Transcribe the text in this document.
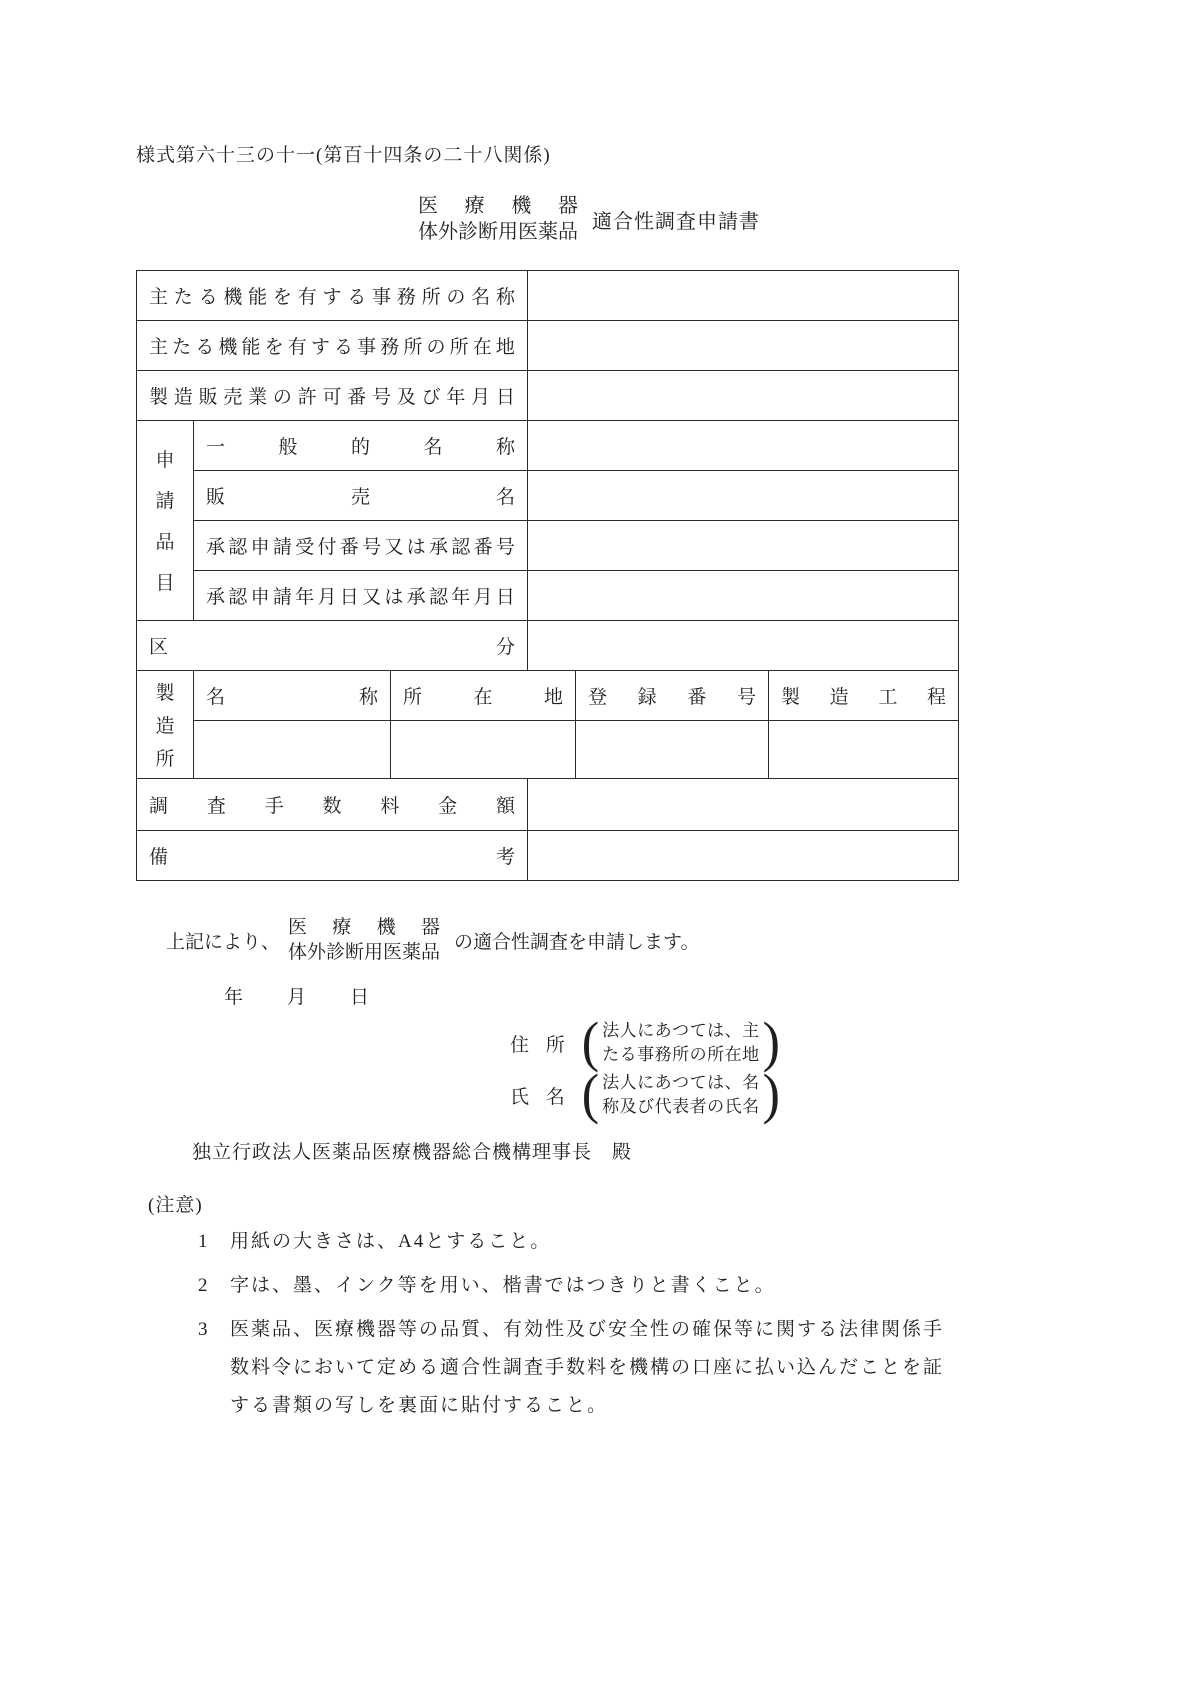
様式第六十三の十一(第百十四条の二十八関係)
医 療 機 器
体外診断用医薬品 適合性調査申請書
主 た る 機 能 を 有 す る 事 務 所 の 名 称

主 た る 機 能 を 有 す る 事 務 所 の 所 在 地

製 造 販 売 業 の 許 可 番 号 及 び 年 月 日

申
請
品
目	一 般 的 名 称				

	販 売 名				

承 認 申 請 受 付 番 号 又 は 承 認 番 号

承 認 申 請 年 月 日 又 は 承 認 年 月 日

区 分					

製
造
所	名 称	所 在 地		登 録 番 号	製 造 工 程

調 査 手 数 料 金 額

備 考					

上記により、
医 療 機 器
体外診断用医薬品 の適合性調査を申請します。
年　　月　　日
住 所 ( 法人にあつては、主
たる事務所の所在地 )
氏 名 ( 法人にあつては、名
称及び代表者の氏名 )
独立行政法人医薬品医療機器総合機構理事長　殿
(注意)
1	用紙の大きさは、A4とすること。
2	字は、墨、インク等を用い、楷書ではつきりと書くこと。
3	医薬品、医療機器等の品質、有効性及び安全性の確保等に関する法律関係手数料令において定める適合性調査手数料を機構の口座に払い込んだことを証する書類の写しを裏面に貼付すること。
